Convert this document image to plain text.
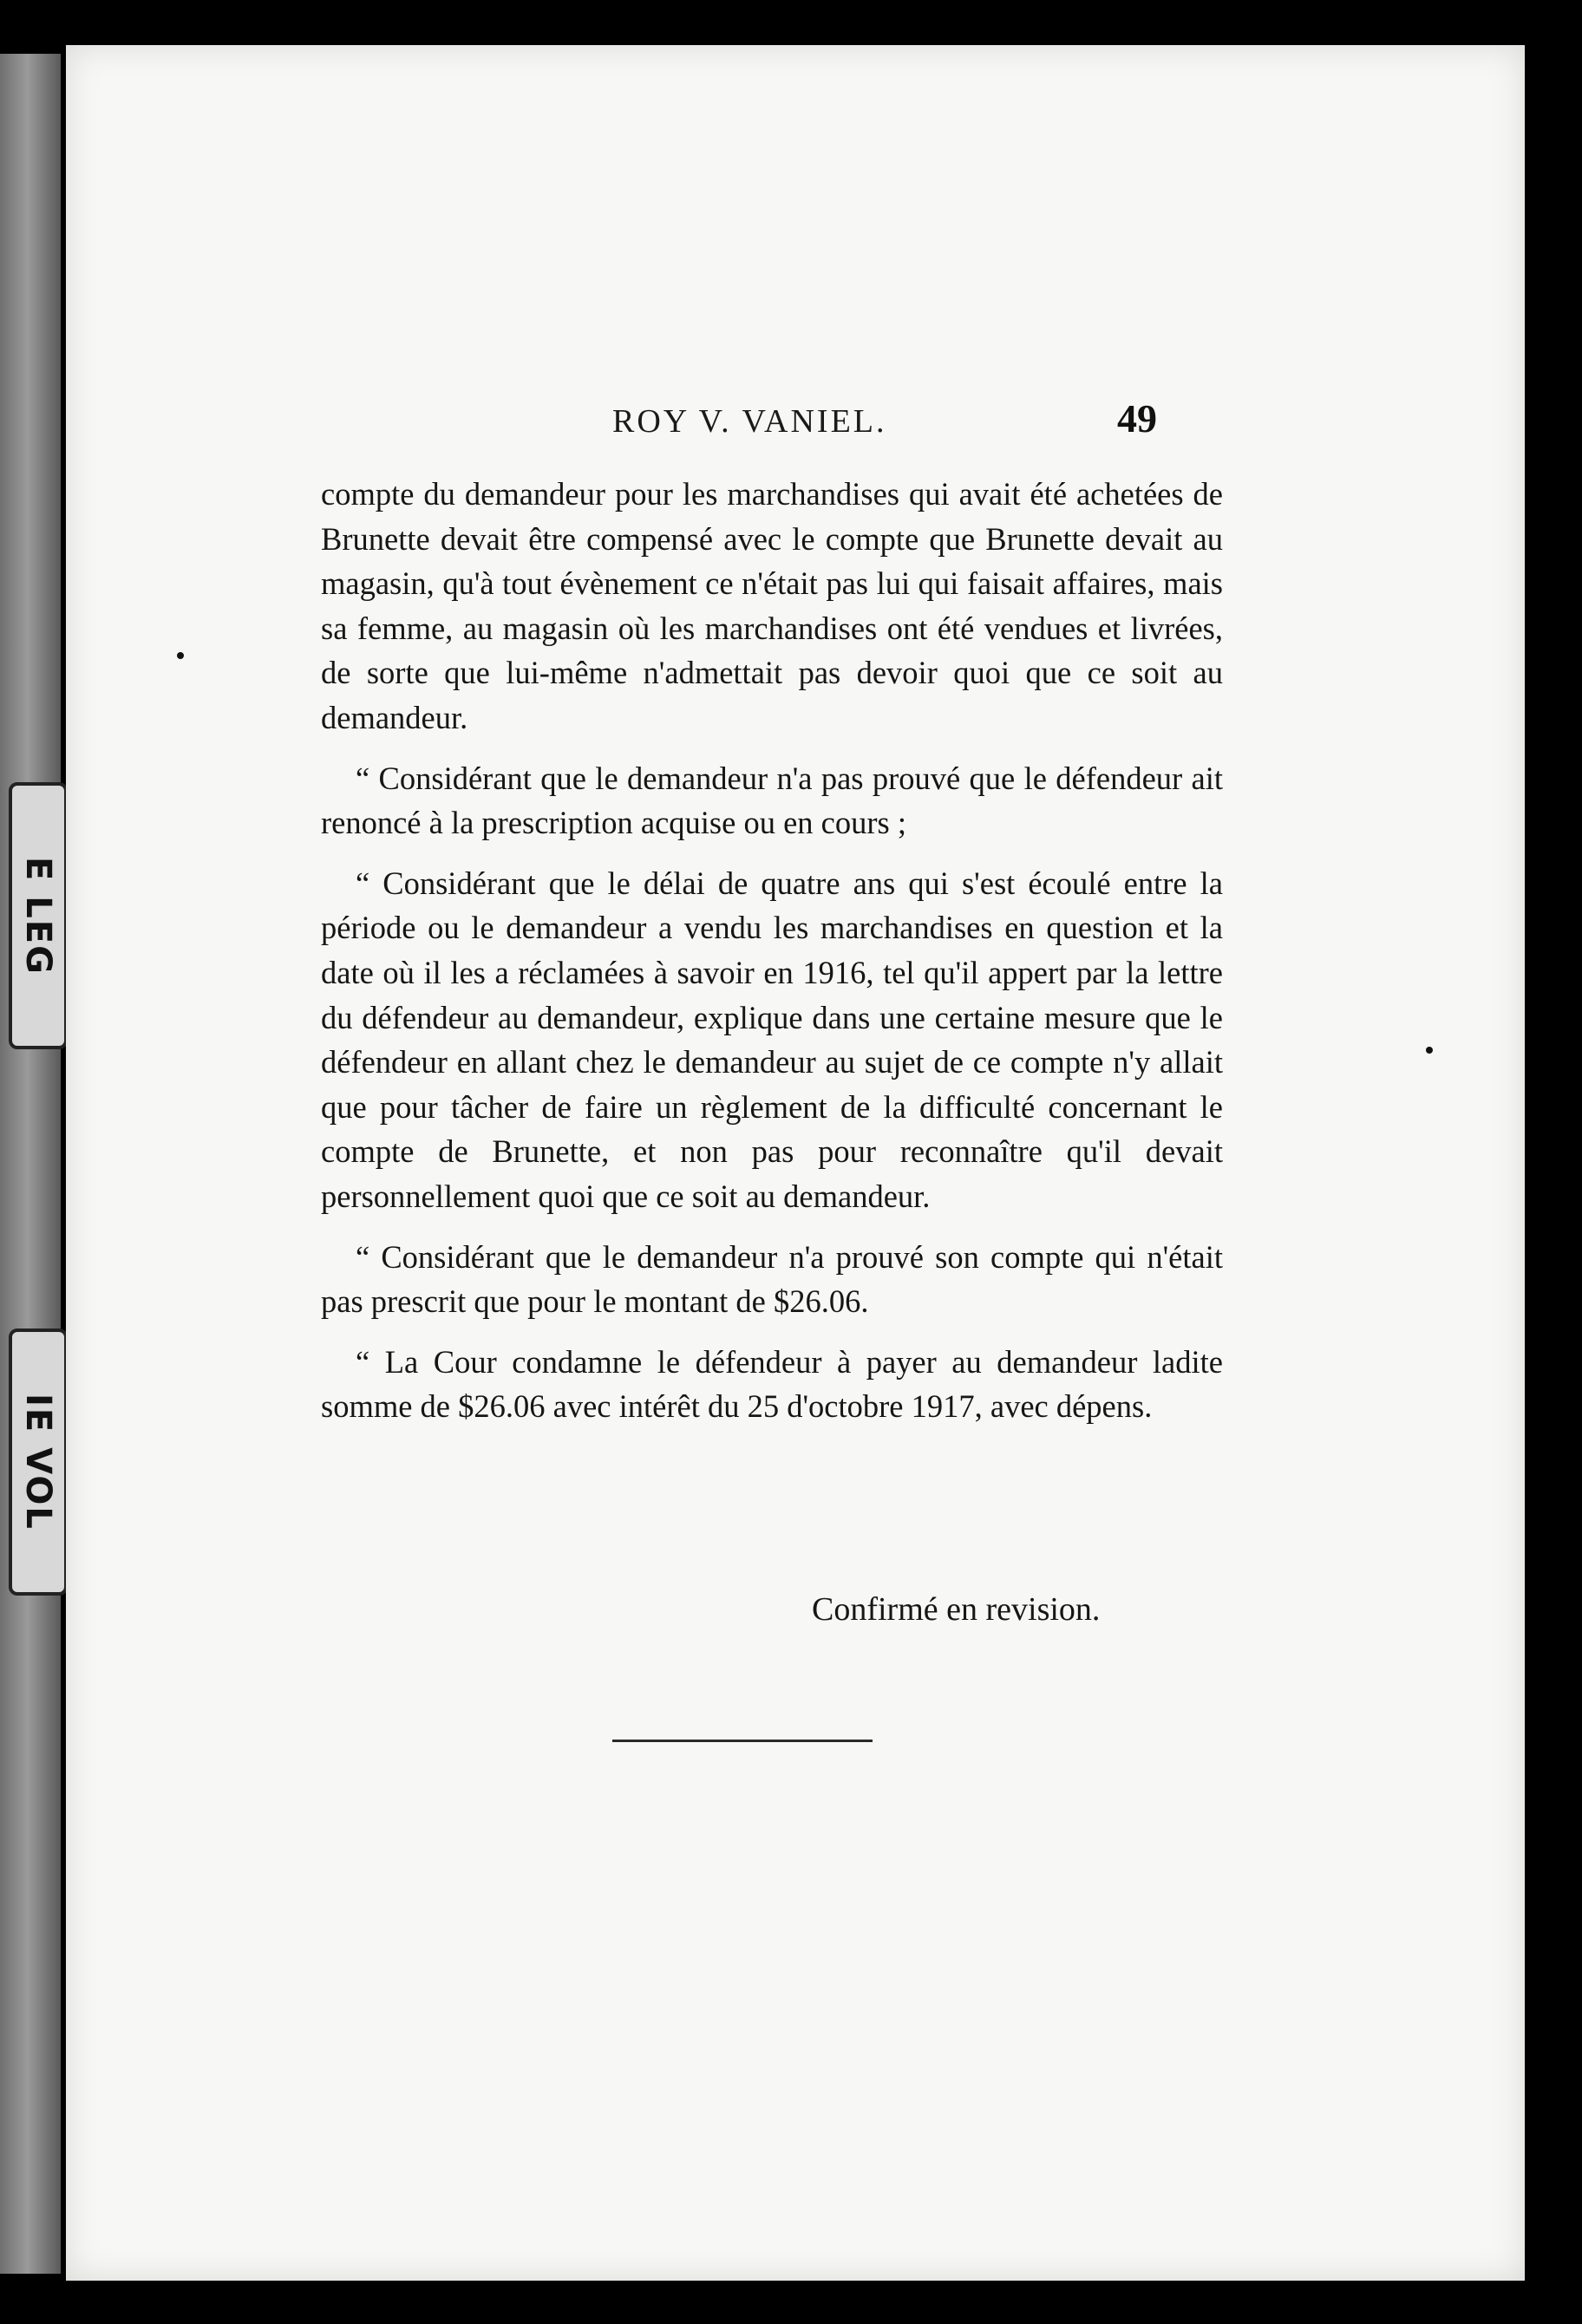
E LEG
IE VOL
ROY V. VANIEL.	49

compte du demandeur pour les marchandises qui avait été achetées de Brunette devait être compensé avec le compte que Brunette devait au magasin, qu'à tout évènement ce n'était pas lui qui faisait affaires, mais sa femme, au magasin où les marchandises ont été vendues et livrées, de sorte que lui-même n'admettait pas devoir quoi que ce soit au demandeur.

“ Considérant que le demandeur n'a pas prouvé que le défendeur ait renoncé à la prescription acquise ou en cours ;

“ Considérant que le délai de quatre ans qui s'est écoulé entre la période ou le demandeur a vendu les marchandises en question et la date où il les a réclamées à savoir en 1916, tel qu'il appert par la lettre du défendeur au demandeur, explique dans une certaine mesure que le défendeur en allant chez le demandeur au sujet de ce compte n'y allait que pour tâcher de faire un règlement de la difficulté concernant le compte de Brunette, et non pas pour reconnaître qu'il devait personnellement quoi que ce soit au demandeur.

“ Considérant que le demandeur n'a prouvé son compte qui n'était pas prescrit que pour le montant de $26.06.

“ La Cour condamne le défendeur à payer au demandeur ladite somme de $26.06 avec intérêt du 25 d'octobre 1917, avec dépens.

Confirmé en revision.
